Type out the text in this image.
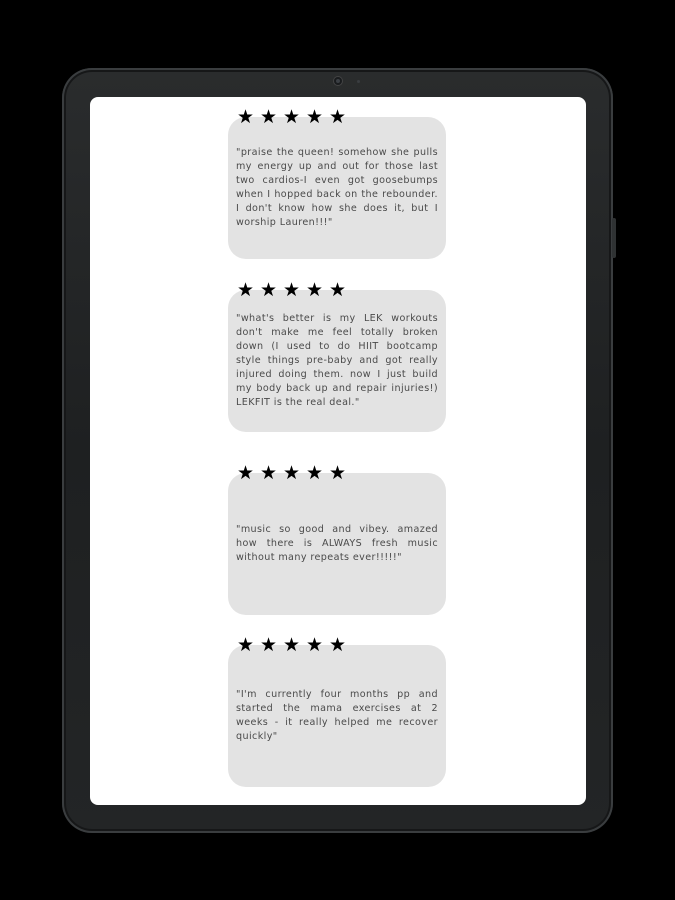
"praise the queen! somehow she pulls my energy up and out for those last two cardios-I even got goosebumps when I hopped back on the rebounder. I don't know how she does it, but I worship Lauren!!!"
★ ★ ★ ★ ★
"what's better is my LEK workouts don't make me feel totally broken down (I used to do HIIT bootcamp style things pre-baby and got really injured doing them. now I just build my body back up and repair injuries!) LEKFIT is the real deal."
★ ★ ★ ★ ★
"music so good and vibey. amazed how there is ALWAYS fresh music without many repeats ever!!!!!"
★ ★ ★ ★ ★
"I'm currently four months pp and started the mama exercises at 2 weeks - it really helped me recover quickly"
★ ★ ★ ★ ★
